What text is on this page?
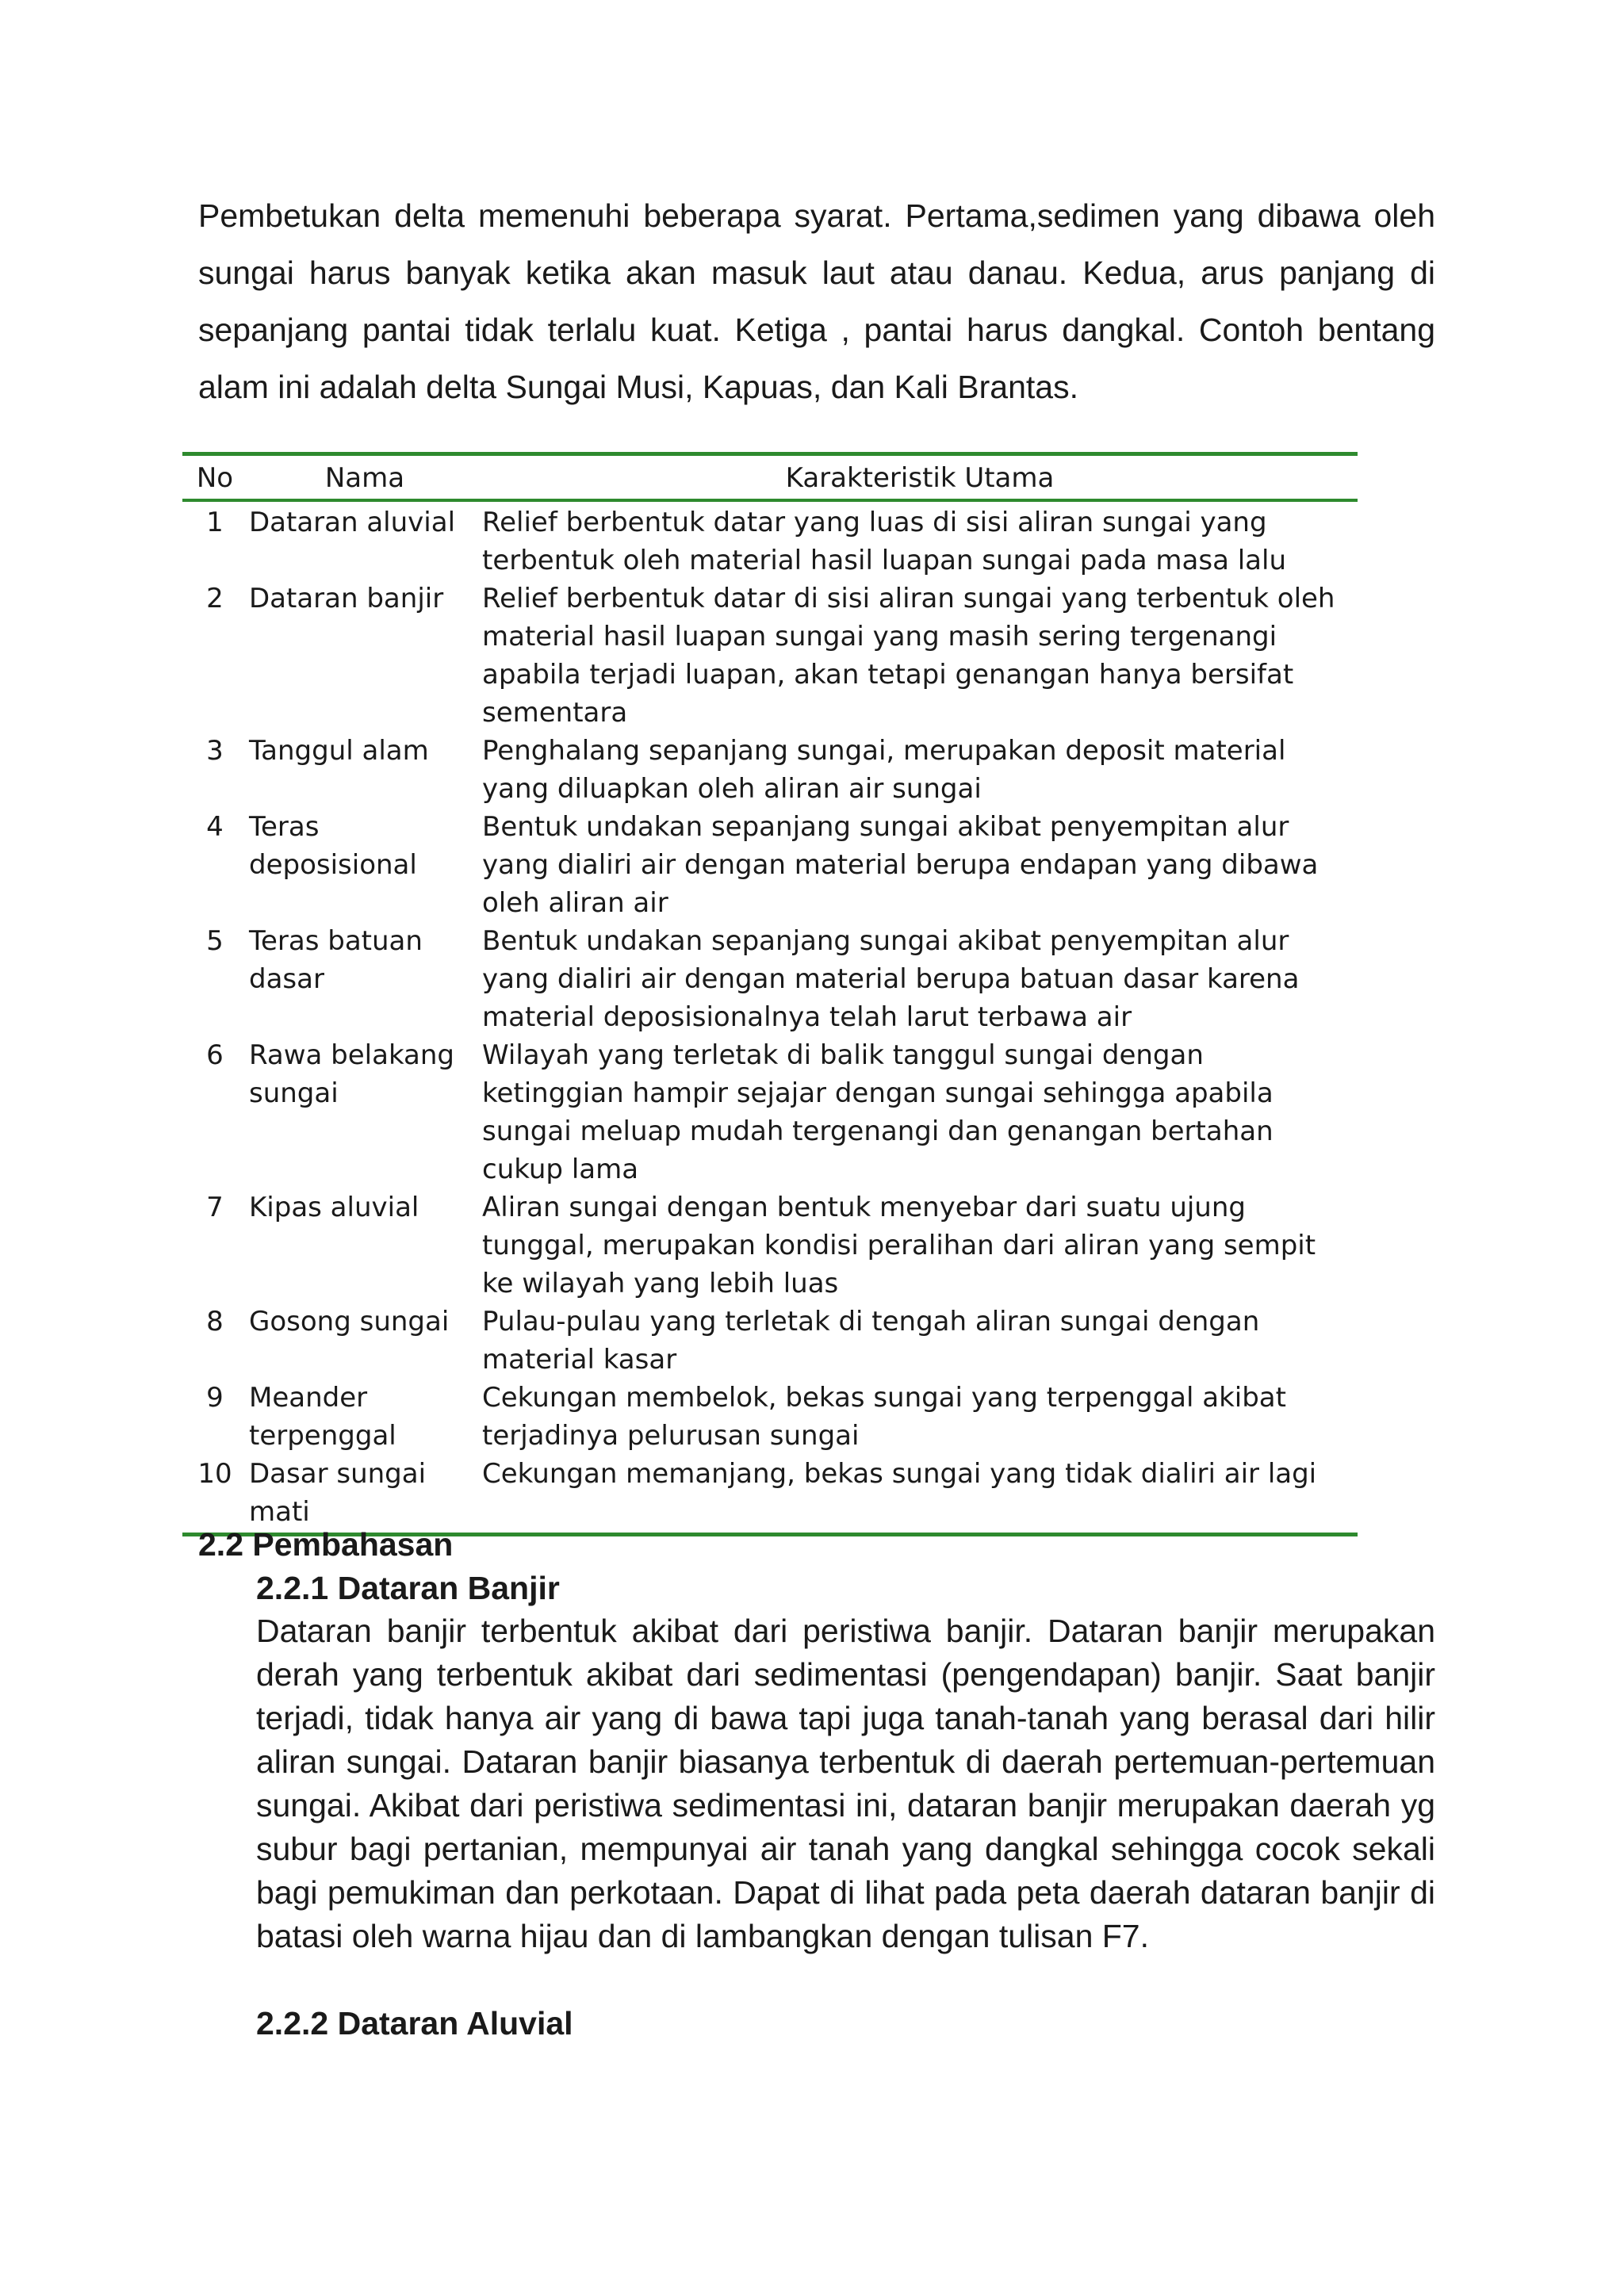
Pembetukan delta memenuhi beberapa syarat. Pertama,sedimen yang dibawa oleh sungai harus banyak ketika akan masuk laut atau danau. Kedua, arus panjang di sepanjang pantai tidak terlalu kuat. Ketiga , pantai harus dangkal. Contoh bentang alam ini adalah delta Sungai Musi, Kapuas, dan Kali Brantas.

No	Nama	Karakteristik Utama

1	Dataran aluvial	Relief berbentuk datar yang luas di sisi aliran sungai yang terbentuk oleh material hasil luapan sungai pada masa lalu
2	Dataran banjir	Relief berbentuk datar di sisi aliran sungai yang terbentuk oleh material hasil luapan sungai yang masih sering tergenangi apabila terjadi luapan, akan tetapi genangan hanya bersifat sementara
3	Tanggul alam	Penghalang sepanjang sungai, merupakan deposit material yang diluapkan oleh aliran air sungai
4	Teras deposisional	Bentuk undakan sepanjang sungai akibat penyempitan alur yang dialiri air dengan material berupa endapan yang dibawa oleh aliran air
5	Teras batuan dasar	Bentuk undakan sepanjang sungai akibat penyempitan alur yang dialiri air dengan material berupa batuan dasar karena material deposisionalnya telah larut terbawa air
6	Rawa belakang sungai	Wilayah yang terletak di balik tanggul sungai dengan ketinggian hampir sejajar dengan sungai sehingga apabila sungai meluap mudah tergenangi dan genangan bertahan cukup lama
7	Kipas aluvial	Aliran sungai dengan bentuk menyebar dari suatu ujung tunggal, merupakan kondisi peralihan dari aliran yang sempit ke wilayah yang lebih luas
8	Gosong sungai	Pulau-pulau yang terletak di tengah aliran sungai dengan material kasar
9	Meander terpenggal	Cekungan membelok, bekas sungai yang terpenggal akibat terjadinya pelurusan sungai
10	Dasar sungai mati	Cekungan memanjang, bekas sungai yang tidak dialiri air lagi
2.2 Pembahasan
2.2.1 Dataran Banjir

Dataran banjir terbentuk akibat dari peristiwa banjir. Dataran banjir merupakan derah yang terbentuk akibat dari sedimentasi (pengendapan) banjir. Saat banjir terjadi, tidak hanya air yang di bawa tapi juga tanah-tanah yang berasal dari hilir aliran sungai. Dataran banjir biasanya terbentuk di daerah pertemuan-pertemuan sungai. Akibat dari peristiwa sedimentasi ini, dataran banjir merupakan daerah yg subur bagi pertanian, mempunyai air tanah yang dangkal sehingga cocok sekali bagi pemukiman dan perkotaan. Dapat di lihat pada peta daerah dataran banjir di batasi oleh warna hijau dan di lambangkan dengan tulisan F7.

2.2.2 Dataran Aluvial
